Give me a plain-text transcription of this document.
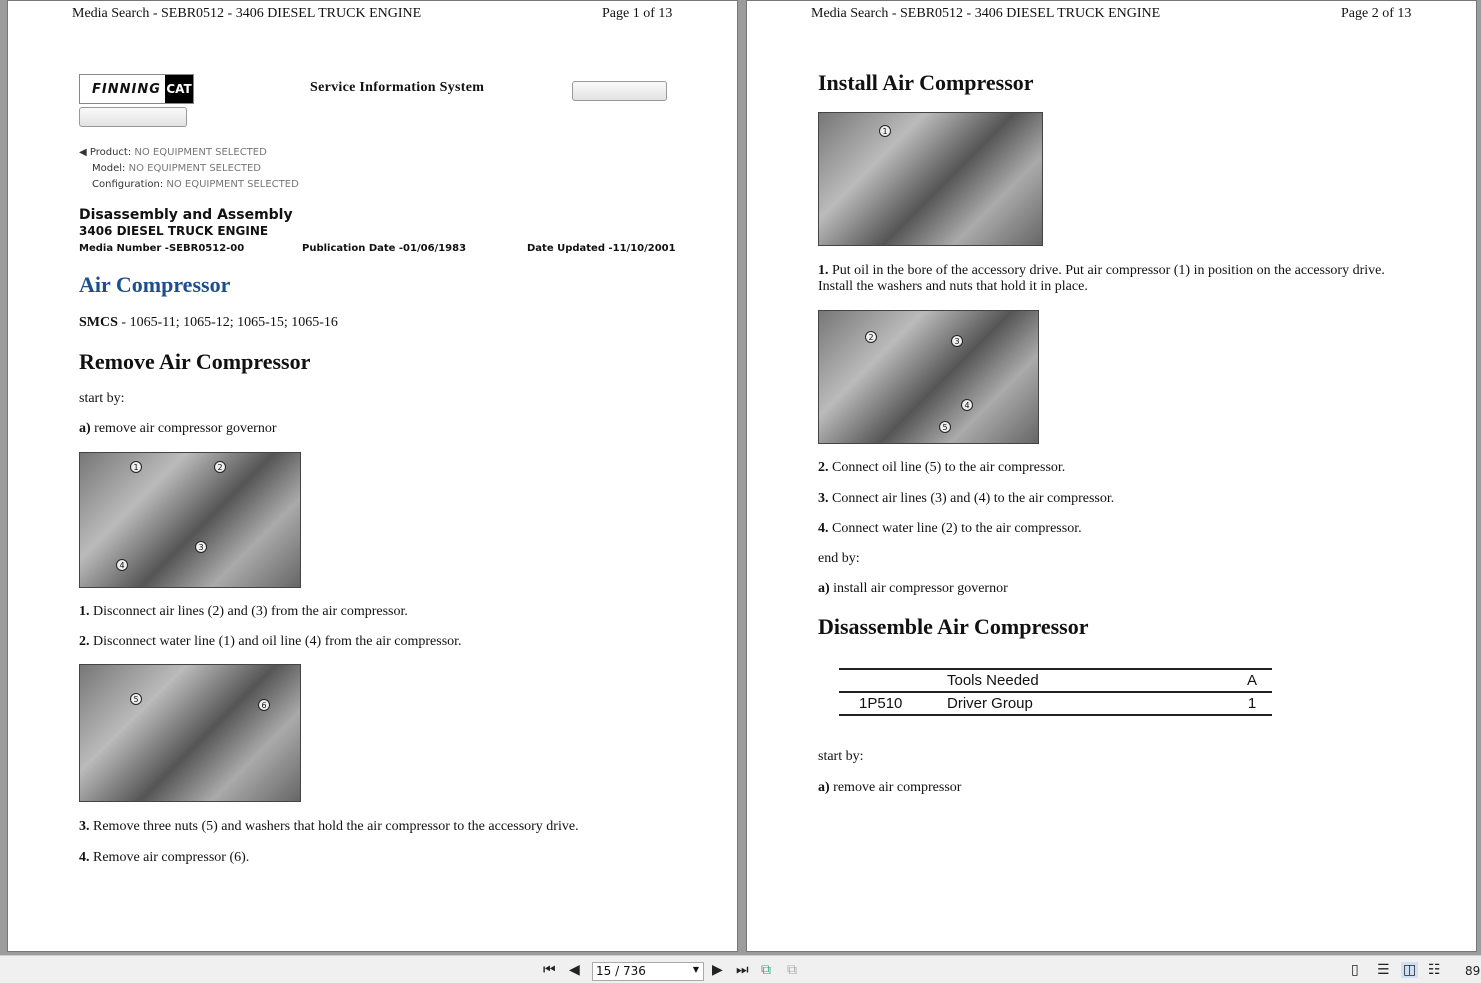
Media Search - SEBR0512 - 3406 DIESEL TRUCK ENGINE	Page 1 of 13
FINNING CAT	Service Information System
◀ Product: NO EQUIPMENT SELECTED
Model: NO EQUIPMENT SELECTED
Configuration: NO EQUIPMENT SELECTED
Disassembly and Assembly
3406 DIESEL TRUCK ENGINE
Media Number -SEBR0512-00	Publication Date -01/06/1983	Date Updated -11/10/2001
Air Compressor
SMCS - 1065-11; 1065-12; 1065-15; 1065-16
Remove Air Compressor
start by:
a) remove air compressor governor
1	2
3
4
1. Disconnect air lines (2) and (3) from the air compressor.
2. Disconnect water line (1) and oil line (4) from the air compressor.
5
6
3. Remove three nuts (5) and washers that hold the air compressor to the accessory drive.
4. Remove air compressor (6).
Media Search - SEBR0512 - 3406 DIESEL TRUCK ENGINE	Page 2 of 13
Install Air Compressor
1
1. Put oil in the bore of the accessory drive. Put air compressor (1) in position on the accessory drive.
Install the washers and nuts that hold it in place.
2	3
4
5
2. Connect oil line (5) to the air compressor.
3. Connect air lines (3) and (4) to the air compressor.
4. Connect water line (2) to the air compressor.
end by:
a) install air compressor governor
Disassemble Air Compressor
	Tools Needed	A
1P510	Driver Group	1
start by:
a) remove air compressor
⏮ ◀	15 / 736	▼ ▶ ⏭ ⧉ ⧉	▯ ☰ ◫ ☷ 89
